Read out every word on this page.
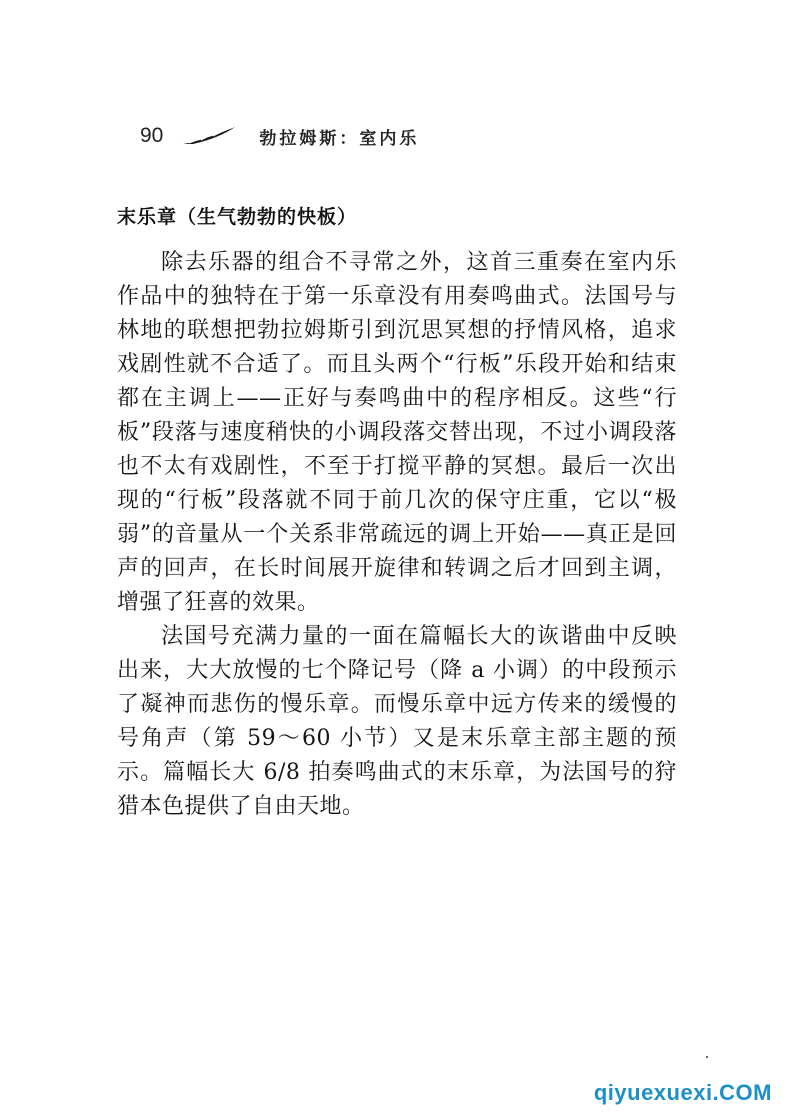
90	勃拉姆斯：室内乐
末乐章（生气勃勃的快板）

除去乐器的组合不寻常之外，这首三重奏在室内乐作品中的独特在于第一乐章没有用奏鸣曲式。法国号与林地的联想把勃拉姆斯引到沉思冥想的抒情风格，追求戏剧性就不合适了。而且头两个“行板”乐段开始和结束都在主调上——正好与奏鸣曲中的程序相反。这些“行板”段落与速度稍快的小调段落交替出现，不过小调段落也不太有戏剧性，不至于打搅平静的冥想。最后一次出现的“行板”段落就不同于前几次的保守庄重，它以“极弱”的音量从一个关系非常疏远的调上开始——真正是回声的回声，在长时间展开旋律和转调之后才回到主调，增强了狂喜的效果。

法国号充满力量的一面在篇幅长大的诙谐曲中反映出来，大大放慢的七个降记号（降 a 小调）的中段预示了凝神而悲伤的慢乐章。而慢乐章中远方传来的缓慢的号角声（第 59～60 小节）又是末乐章主部主题的预示。篇幅长大 6/8 拍奏鸣曲式的末乐章，为法国号的狩猎本色提供了自由天地。

qiyuexuexi.COM
